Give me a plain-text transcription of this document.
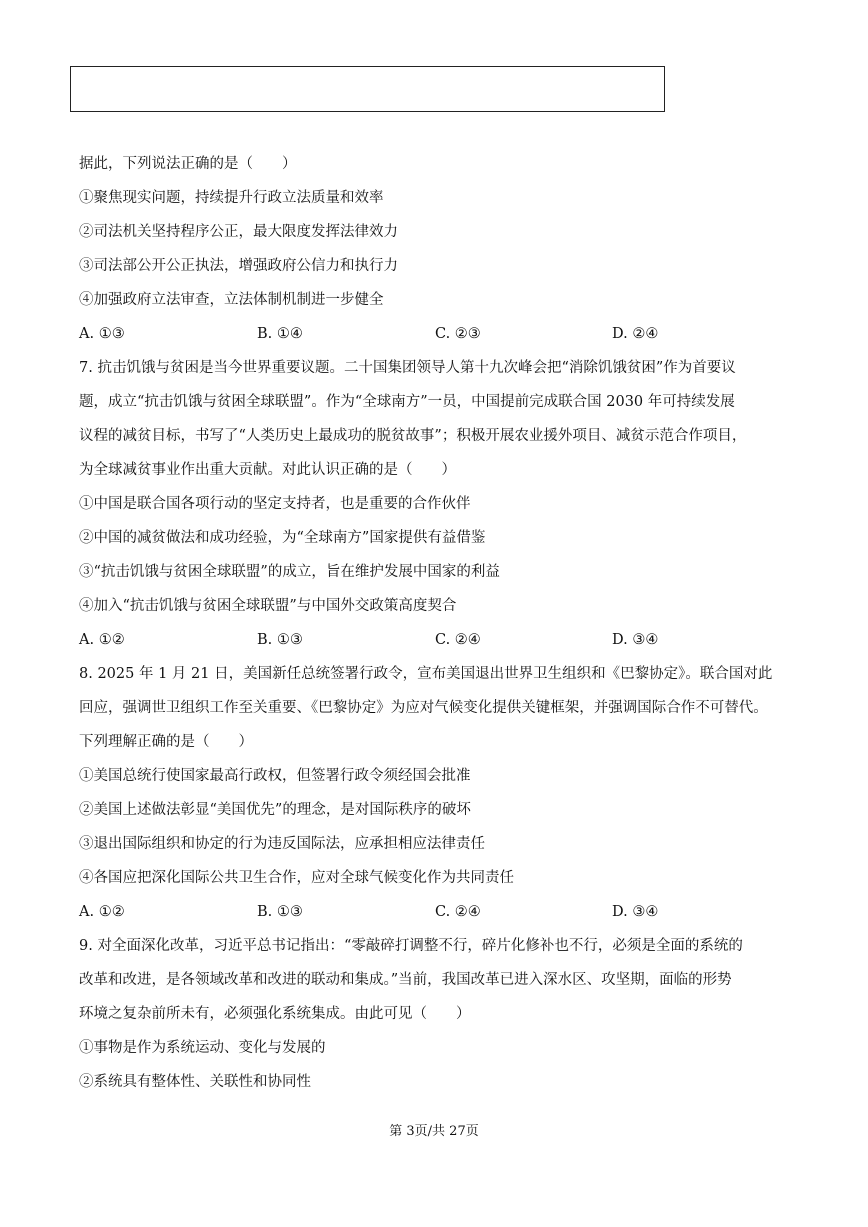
据此，下列说法正确的是（　　）
①聚焦现实问题，持续提升行政立法质量和效率
②司法机关坚持程序公正，最大限度发挥法律效力
③司法部公开公正执法，增强政府公信力和执行力
④加强政府立法审查，立法体制机制进一步健全
A. ①③	B. ①④	C. ②③	D. ②④
7. 抗击饥饿与贫困是当今世界重要议题。二十国集团领导人第十九次峰会把“消除饥饿贫困”作为首要议
题，成立“抗击饥饿与贫困全球联盟”。作为“全球南方”一员，中国提前完成联合国 2030 年可持续发展
议程的减贫目标，书写了“人类历史上最成功的脱贫故事”；积极开展农业援外项目、减贫示范合作项目，
为全球减贫事业作出重大贡献。对此认识正确的是（　　）
①中国是联合国各项行动的坚定支持者，也是重要的合作伙伴
②中国的减贫做法和成功经验，为“全球南方”国家提供有益借鉴
③“抗击饥饿与贫困全球联盟”的成立，旨在维护发展中国家的利益
④加入“抗击饥饿与贫困全球联盟”与中国外交政策高度契合
A. ①②	B. ①③	C. ②④	D. ③④
8. 2025 年 1 月 21 日，美国新任总统签署行政令，宣布美国退出世界卫生组织和《巴黎协定》。联合国对此
回应，强调世卫组织工作至关重要、《巴黎协定》为应对气候变化提供关键框架，并强调国际合作不可替代。
下列理解正确的是（　　）
①美国总统行使国家最高行政权，但签署行政令须经国会批准
②美国上述做法彰显“美国优先”的理念，是对国际秩序的破坏
③退出国际组织和协定的行为违反国际法，应承担相应法律责任
④各国应把深化国际公共卫生合作，应对全球气候变化作为共同责任
A. ①②	B. ①③	C. ②④	D. ③④
9. 对全面深化改革，习近平总书记指出：“零敲碎打调整不行，碎片化修补也不行，必须是全面的系统的
改革和改进，是各领域改革和改进的联动和集成。”当前，我国改革已进入深水区、攻坚期，面临的形势
环境之复杂前所未有，必须强化系统集成。由此可见（　　）
①事物是作为系统运动、变化与发展的
②系统具有整体性、关联性和协同性
第 3页/共 27页
